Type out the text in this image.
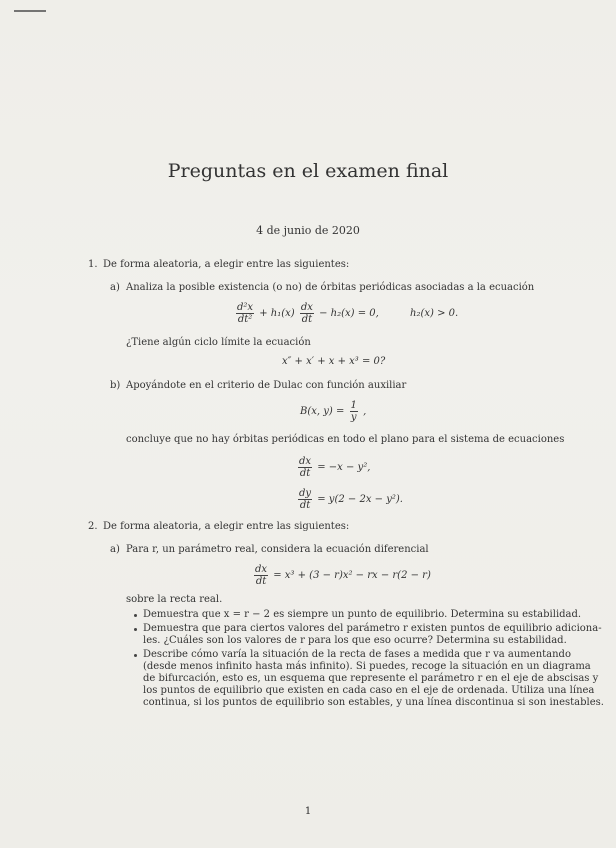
Preguntas en el examen final
4 de junio de 2020
1. De forma aleatoria, a elegir entre las siguientes:
a) Analiza la posible existencia (o no) de órbitas periódicas asociadas a la ecuación
$\frac{\text{d²x}}{\text{dt²}} + h_1(x) \frac{dx}{dt} - h_2(x) = 0$,	h₂(x) > 0.
¿Tiene algún ciclo límite la ecuación
x″ + x′ + x + x³ = 0?
b) Apoyándote en el criterio de Dulac con función auxiliar
B(x, $y) = \frac{1}{y}$ ,
concluye que no hay órbitas periódicas en todo el plano para el sistema de ecuaciones
$\frac{dx}{dt} = -x - y^2$,
$\frac{dy}{dt} = y(2 - 2x - y^2)$.
2. De forma aleatoria, a elegir entre las siguientes:
a) Para r, un parámetro real, considera la ecuación diferencial
$\frac{dx}{dt} = x^3 + (3 - r)x^2$ − rx − r(2 − r)
sobre la recta real.
Demuestra que x = r − 2 es siempre un punto de equilibrio. Determina su estabilidad.
Demuestra que para ciertos valores del parámetro r existen puntos de equilibrio adiciona-
les. ¿Cuáles son los valores de r para los que eso ocurre? Determina su estabilidad.
Describe cómo varía la situación de la recta de fases a medida que r va aumentando
(desde menos infinito hasta más infinito). Si puedes, recoge la situación en un diagrama
de bifurcación, esto es, un esquema que represente el parámetro r en el eje de abscisas y
los puntos de equilibrio que existen en cada caso en el eje de ordenada. Utiliza una línea
continua, si los puntos de equilibrio son estables, y una línea discontinua si son inestables.
1
